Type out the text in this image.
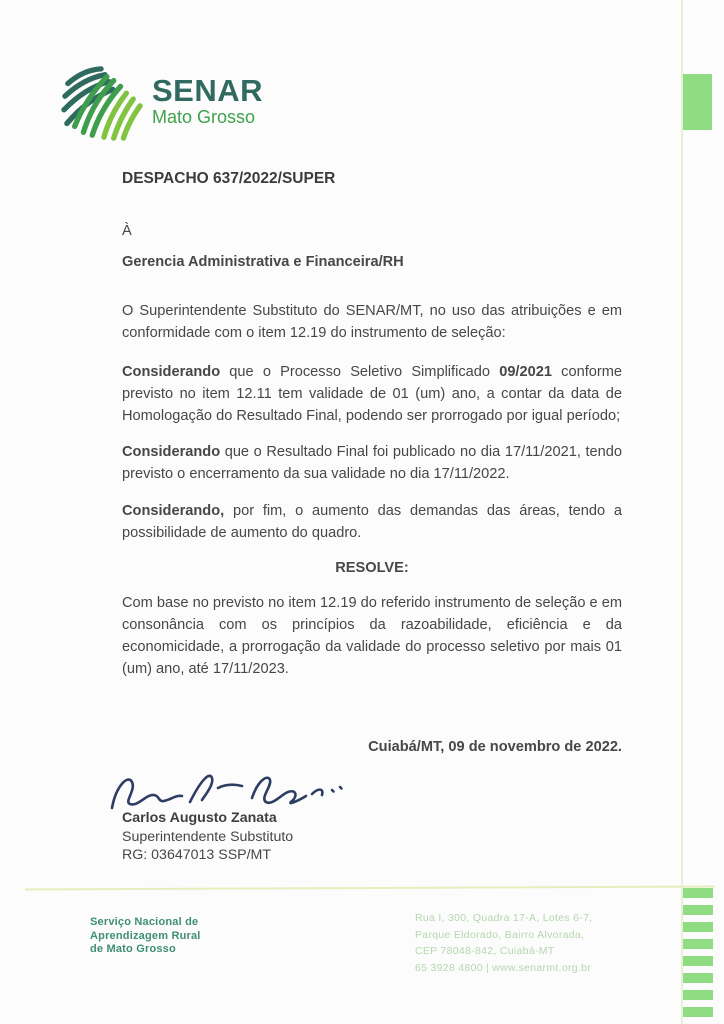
SENAR
Mato Grosso
DESPACHO 637/2022/SUPER

À

Gerencia Administrativa e Financeira/RH

O Superintendente Substituto do SENAR/MT, no uso das atribuições e em conformidade com o item 12.19 do instrumento de seleção:

Considerando que o Processo Seletivo Simplificado 09/2021 conforme previsto no item 12.11 tem validade de 01 (um) ano, a contar da data de Homologação do Resultado Final, podendo ser prorrogado por igual período;

Considerando que o Resultado Final foi publicado no dia 17/11/2021, tendo previsto o encerramento da sua validade no dia 17/11/2022.

Considerando, por fim, o aumento das demandas das áreas, tendo a possibilidade de aumento do quadro.

RESOLVE:

Com base no previsto no item 12.19 do referido instrumento de seleção e em consonância com os princípios da razoabilidade, eficiência e da economicidade, a prorrogação da validade do processo seletivo por mais 01 (um) ano, até 17/11/2023.

Cuiabá/MT, 09 de novembro de 2022.

Carlos Augusto Zanata
Superintendente Substituto
RG: 03647013 SSP/MT
Serviço Nacional de
Aprendizagem Rural
de Mato Grosso
Rua I, 300, Quadra 17-A, Lotes 6-7,
Parque Eldorado, Bairro Alvorada,
CEP 78048-842, Cuiabá-MT
65 3928 4800 | www.senarmt.org.br
